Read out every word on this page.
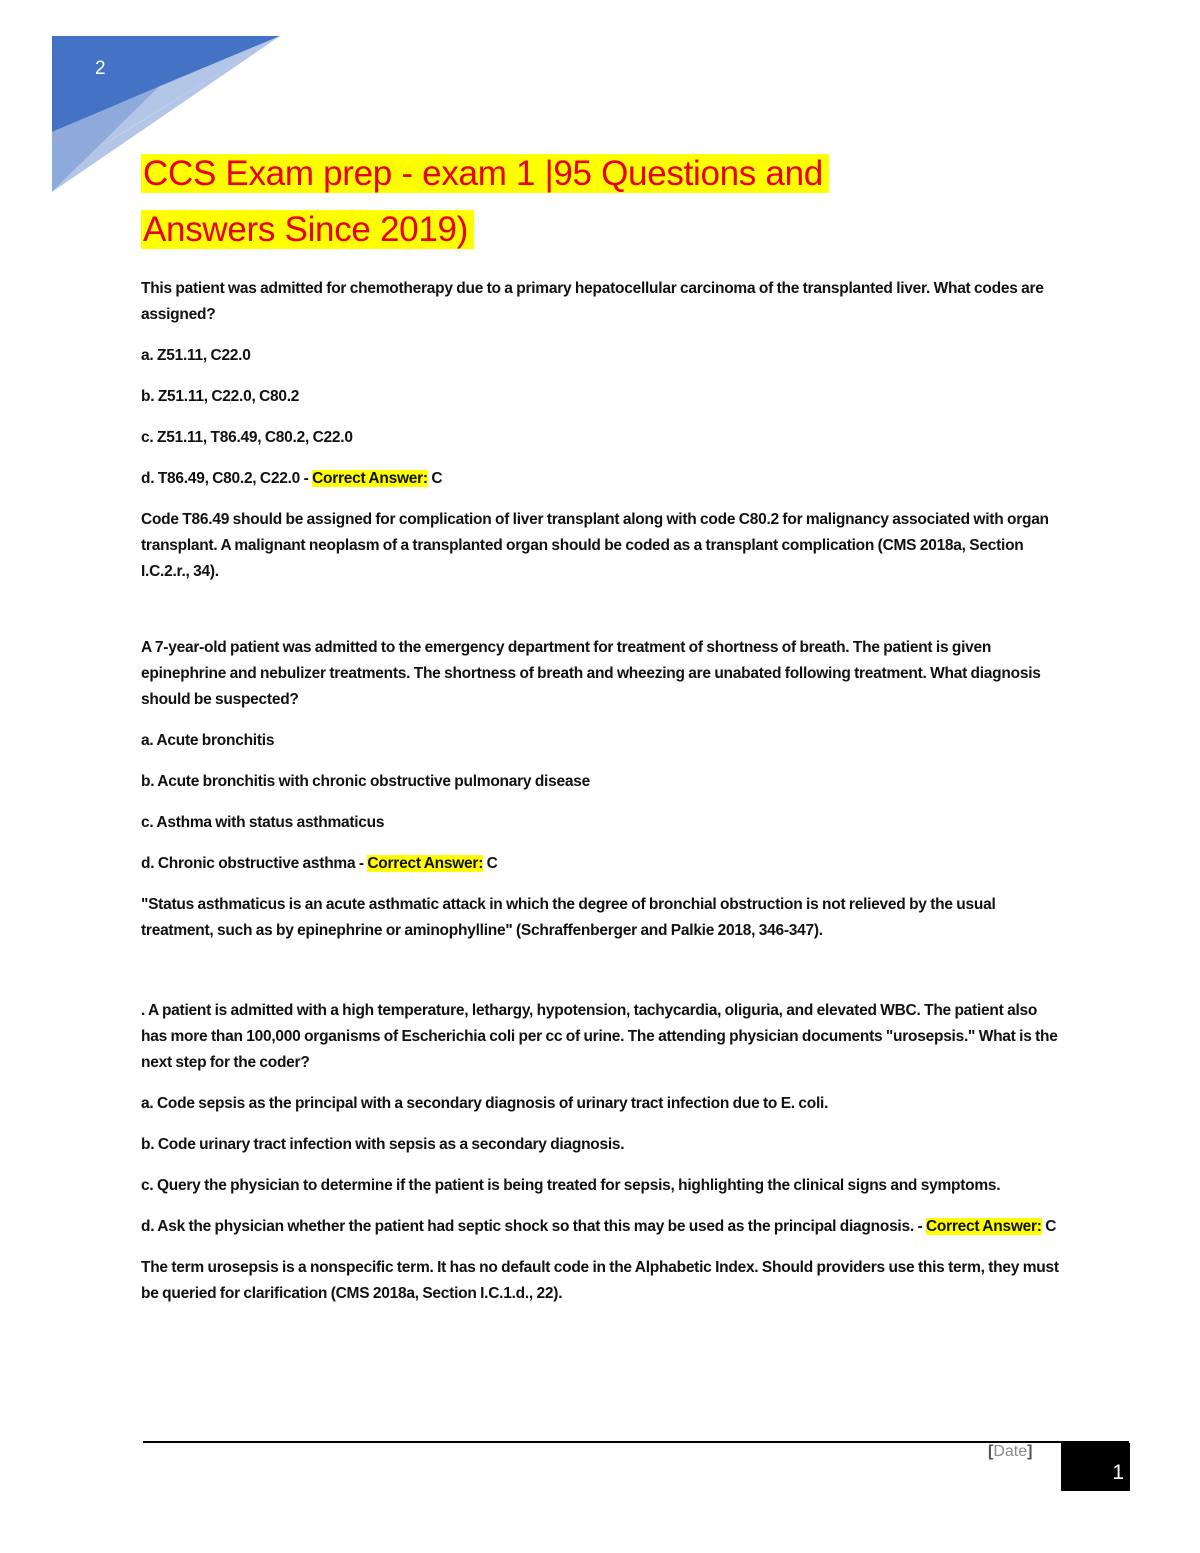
2
CCS Exam prep - exam 1 |95 Questions and
Answers Since 2019)

This patient was admitted for chemotherapy due to a primary hepatocellular carcinoma of the transplanted liver. What codes are assigned?

a. Z51.11, C22.0

b. Z51.11, C22.0, C80.2

c. Z51.11, T86.49, C80.2, C22.0

d. T86.49, C80.2, C22.0 - Correct Answer: C

Code T86.49 should be assigned for complication of liver transplant along with code C80.2 for malignancy associated with organ transplant. A malignant neoplasm of a transplanted organ should be coded as a transplant complication (CMS 2018a, Section I.C.2.r., 34).

A 7-year-old patient was admitted to the emergency department for treatment of shortness of breath. The patient is given epinephrine and nebulizer treatments. The shortness of breath and wheezing are unabated following treatment. What diagnosis should be suspected?

a. Acute bronchitis

b. Acute bronchitis with chronic obstructive pulmonary disease

c. Asthma with status asthmaticus

d. Chronic obstructive asthma - Correct Answer: C

"Status asthmaticus is an acute asthmatic attack in which the degree of bronchial obstruction is not relieved by the usual treatment, such as by epinephrine or aminophylline" (Schraffenberger and Palkie 2018, 346-347).

. A patient is admitted with a high temperature, lethargy, hypotension, tachycardia, oliguria, and elevated WBC. The patient also has more than 100,000 organisms of Escherichia coli per cc of urine. The attending physician documents "urosepsis." What is the next step for the coder?

a. Code sepsis as the principal with a secondary diagnosis of urinary tract infection due to E. coli.

b. Code urinary tract infection with sepsis as a secondary diagnosis.

c. Query the physician to determine if the patient is being treated for sepsis, highlighting the clinical signs and symptoms.

d. Ask the physician whether the patient had septic shock so that this may be used as the principal diagnosis. - Correct Answer: C

The term urosepsis is a nonspecific term. It has no default code in the Alphabetic Index. Should providers use this term, they must be queried for clarification (CMS 2018a, Section I.C.1.d., 22).

[Date]
1
